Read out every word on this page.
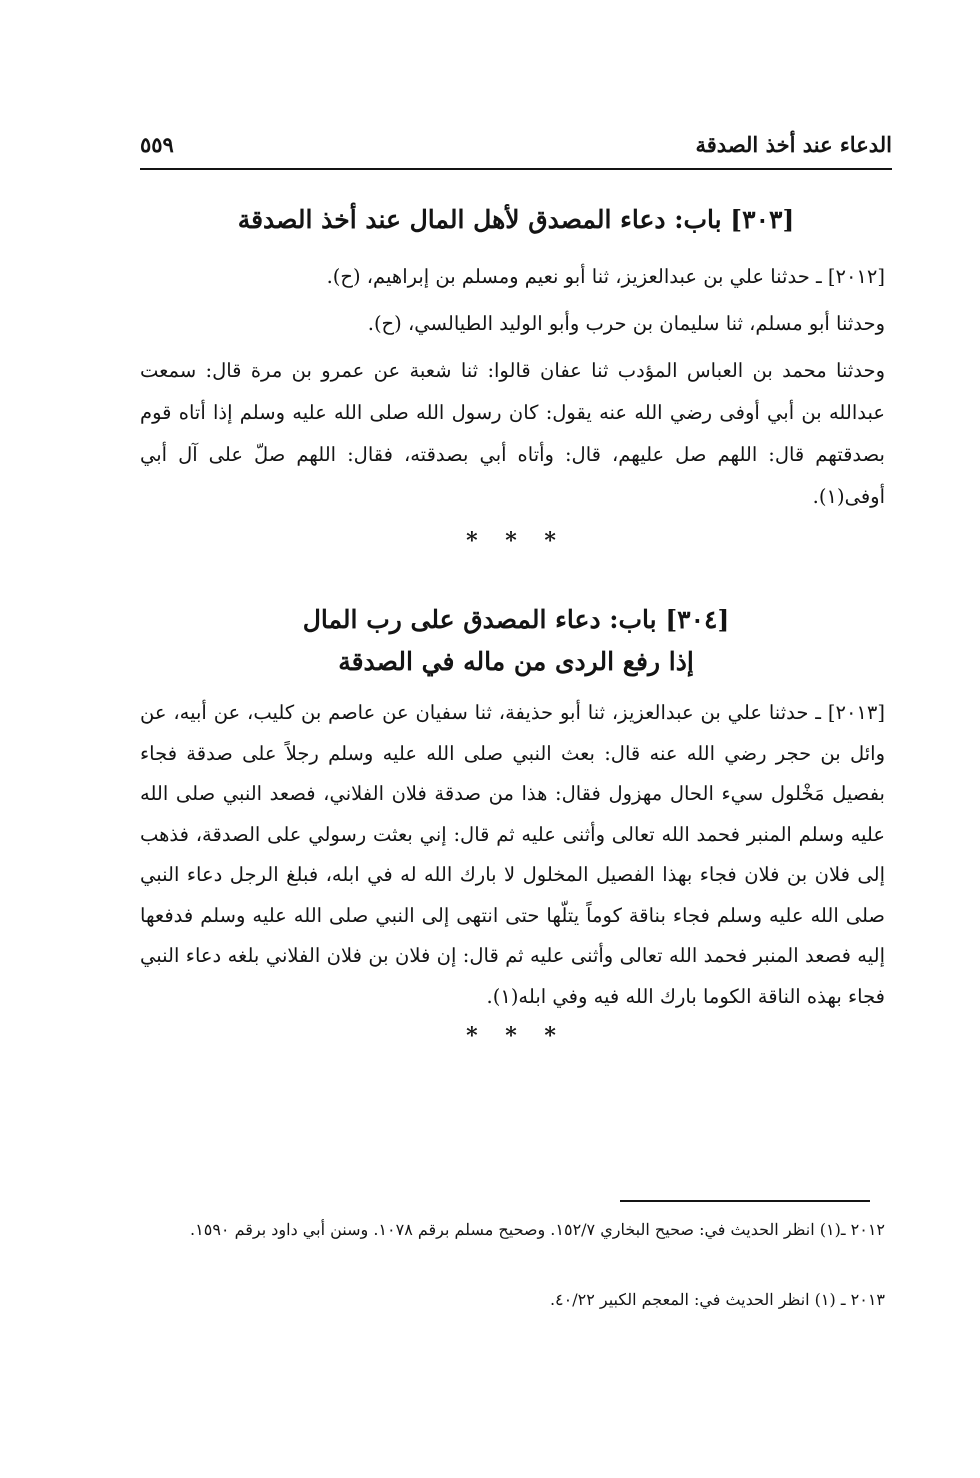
الدعاء عند أخذ الصدقة
٥٥٩
[٣٠٣] باب: دعاء المصدق لأهل المال عند أخذ الصدقة
[٢٠١٢] ـ حدثنا علي بن عبدالعزيز، ثنا أبو نعيم ومسلم بن إبراهيم، (ح).
وحدثنا أبو مسلم، ثنا سليمان بن حرب وأبو الوليد الطيالسي، (ح).
وحدثنا محمد بن العباس المؤدب ثنا عفان قالوا: ثنا شعبة عن عمرو بن مرة قال: سمعت عبدالله بن أبي أوفى رضي الله عنه يقول: كان رسول الله صلى الله عليه وسلم إذا أتاه قوم بصدقتهم قال: اللهم صل عليهم، قال: وأتاه أبي بصدقته، فقال: اللهم صلّ على آل أبي أوفى(١).
* * *
[٣٠٤] باب: دعاء المصدق على رب المال
إذا رفع الردى من ماله في الصدقة
[٢٠١٣] ـ حدثنا علي بن عبدالعزيز، ثنا أبو حذيفة، ثنا سفيان عن عاصم بن كليب، عن أبيه، عن وائل بن حجر رضي الله عنه قال: بعث النبي صلى الله عليه وسلم رجلاً على صدقة فجاء بفصيل مَخْلول سيء الحال مهزول فقال: هذا من صدقة فلان الفلاني، فصعد النبي صلى الله عليه وسلم المنبر فحمد الله تعالى وأثنى عليه ثم قال: إني بعثت رسولي على الصدقة، فذهب إلى فلان بن فلان فجاء بهذا الفصيل المخلول لا بارك الله له في ابله، فبلغ الرجل دعاء النبي صلى الله عليه وسلم فجاء بناقة كوماً يتلّها حتى انتهى إلى النبي صلى الله عليه وسلم فدفعها إليه فصعد المنبر فحمد الله تعالى وأثنى عليه ثم قال: إن فلان بن فلان الفلاني بلغه دعاء النبي فجاء بهذه الناقة الكوما بارك الله فيه وفي ابله(١).
* * *
٢٠١٢ ـ(١) انظر الحديث في: صحيح البخاري ١٥٢/٧. وصحيح مسلم برقم ١٠٧٨. وسنن أبي داود برقم ١٥٩٠.
٢٠١٣ ـ (١) انظر الحديث في: المعجم الكبير ٤٠/٢٢.
